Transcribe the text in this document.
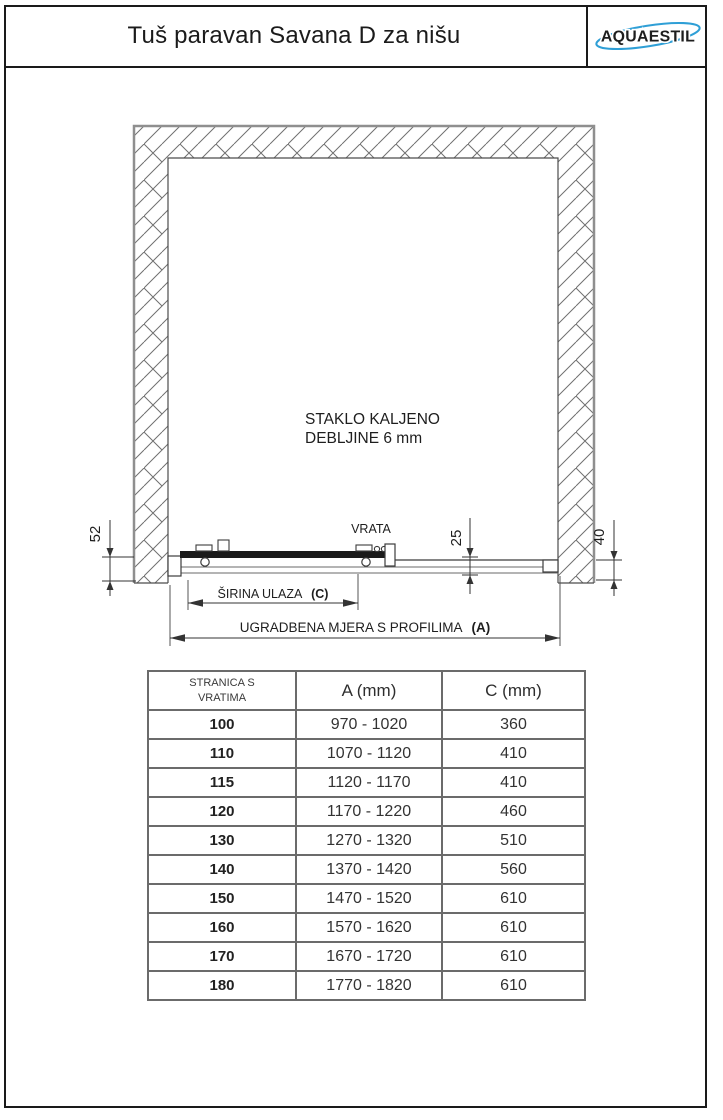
Tuš paravan Savana D za nišu	AQUAESTIL
STAKLO KALJENO
DEBLJINE 6 mm
VRATA
52	25	40
ŠIRINA ULAZA (C)
UGRADBENA MJERA S PROFILIMA (A)
STRANICA S
VRATIMA	A (mm)	C (mm)
100	970 - 1020	360
110	1070 - 1120	410
115	1120 - 1170	410
120	1170 - 1220	460
130	1270 - 1320	510
140	1370 - 1420	560
150	1470 - 1520	610
160	1570 - 1620	610
170	1670 - 1720	610
180	1770 - 1820	610
